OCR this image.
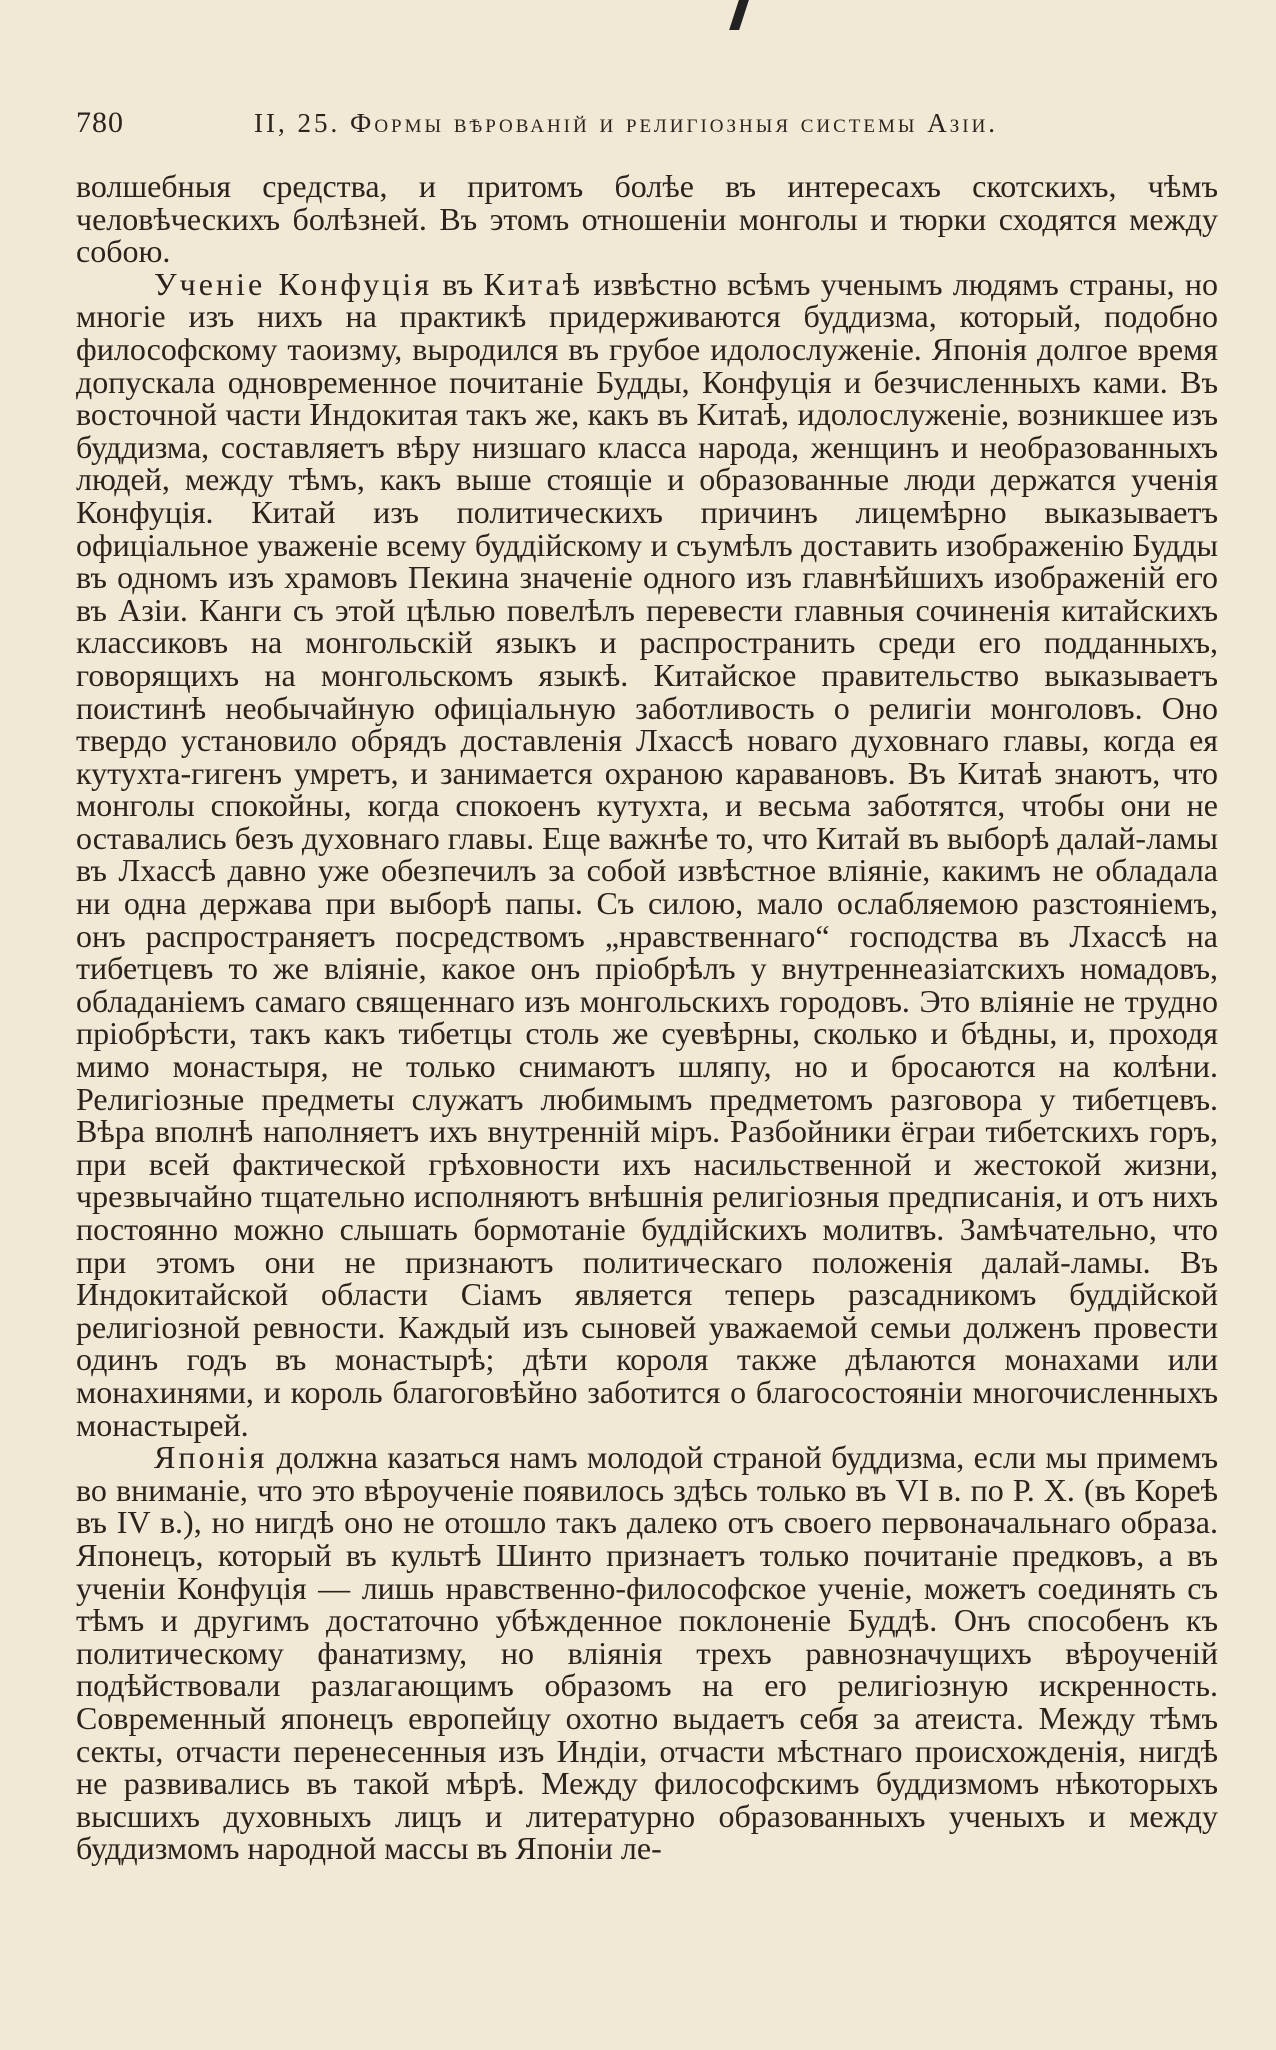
780	II, 25. Формы вѣрованій и религіозныя системы Азіи.

волшебныя средства, и притомъ болѣе въ интересахъ скотскихъ, чѣмъ человѣческихъ болѣзней. Въ этомъ отношеніи монголы и тюрки сходятся между собою.

Ученіе Конфуція въ Китаѣ извѣстно всѣмъ ученымъ людямъ страны, но многіе изъ нихъ на практикѣ придерживаются буддизма, который, подобно философскому таоизму, выродился въ грубое идолослуженіе. Японія долгое время допускала одновременное почитаніе Будды, Конфуція и безчисленныхъ ками. Въ восточной части Индокитая такъ же, какъ въ Китаѣ, идолослуженіе, возникшее изъ буддизма, составляетъ вѣру низшаго класса народа, женщинъ и необразованныхъ людей, между тѣмъ, какъ выше стоящіе и образованные люди держатся ученія Конфуція. Китай изъ политическихъ причинъ лицемѣрно выказываетъ офиціальное уваженіе всему буддійскому и съумѣлъ доставить изображенію Будды въ одномъ изъ храмовъ Пекина значеніе одного изъ главнѣйшихъ изображеній его въ Азіи. Канги съ этой цѣлью повелѣлъ перевести главныя сочиненія китайскихъ классиковъ на монгольскій языкъ и распространить среди его подданныхъ, говорящихъ на монгольскомъ языкѣ. Китайское правительство выказываетъ поистинѣ необычайную офиціальную заботливость о религіи монголовъ. Оно твердо установило обрядъ доставленія Лхассѣ новаго духовнаго главы, когда ея кутухта-гигенъ умретъ, и занимается охраною каравановъ. Въ Китаѣ знаютъ, что монголы спокойны, когда спокоенъ кутухта, и весьма заботятся, чтобы они не оставались безъ духовнаго главы. Еще важнѣе то, что Китай въ выборѣ далай-ламы въ Лхассѣ давно уже обезпечилъ за собой извѣстное вліяніе, какимъ не обладала ни одна держава при выборѣ папы. Съ силою, мало ослабляемою разстояніемъ, онъ распространяетъ посредствомъ „нравственнаго“ господства въ Лхассѣ на тибетцевъ то же вліяніе, какое онъ пріобрѣлъ у внутреннеазіатскихъ номадовъ, обладаніемъ самаго священнаго изъ монгольскихъ городовъ. Это вліяніе не трудно пріобрѣсти, такъ какъ тибетцы столь же суевѣрны, сколько и бѣдны, и, проходя мимо монастыря, не только снимаютъ шляпу, но и бросаются на колѣни. Религіозные предметы служатъ любимымъ предметомъ разговора у тибетцевъ. Вѣра вполнѣ наполняетъ ихъ внутренній міръ. Разбойники ёграи тибетскихъ горъ, при всей фактической грѣховности ихъ насильственной и жестокой жизни, чрезвычайно тщательно исполняютъ внѣшнія религіозныя предписанія, и отъ нихъ постоянно можно слышать бормотаніе буддійскихъ молитвъ. Замѣчательно, что при этомъ они не признаютъ политическаго положенія далай-ламы. Въ Индокитайской области Сіамъ является теперь разсадникомъ буддійской религіозной ревности. Каждый изъ сыновей уважаемой семьи долженъ провести одинъ годъ въ монастырѣ; дѣти короля также дѣлаются монахами или монахинями, и король благоговѣйно заботится о благосостояніи многочисленныхъ монастырей.

Японія должна казаться намъ молодой страной буддизма, если мы примемъ во вниманіе, что это вѣроученіе появилось здѣсь только въ VI в. по Р. Х. (въ Кореѣ въ IV в.), но нигдѣ оно не отошло такъ далеко отъ своего первоначальнаго образа. Японецъ, который въ культѣ Шинто признаетъ только почитаніе предковъ, а въ ученіи Конфуція — лишь нравственно-философское ученіе, можетъ соединять съ тѣмъ и другимъ достаточно убѣжденное поклоненіе Буддѣ. Онъ способенъ къ политическому фанатизму, но вліянія трехъ равнозначущихъ вѣроученій подѣйствовали разлагающимъ образомъ на его религіозную искренность. Современный японецъ европейцу охотно выдаетъ себя за атеиста. Между тѣмъ секты, отчасти перенесенныя изъ Индіи, отчасти мѣстнаго происхожденія, нигдѣ не развивались въ такой мѣрѣ. Между философскимъ буддизмомъ нѣкоторыхъ высшихъ духовныхъ лицъ и литературно образованныхъ ученыхъ и между буддизмомъ народной массы въ Японіи ле-
